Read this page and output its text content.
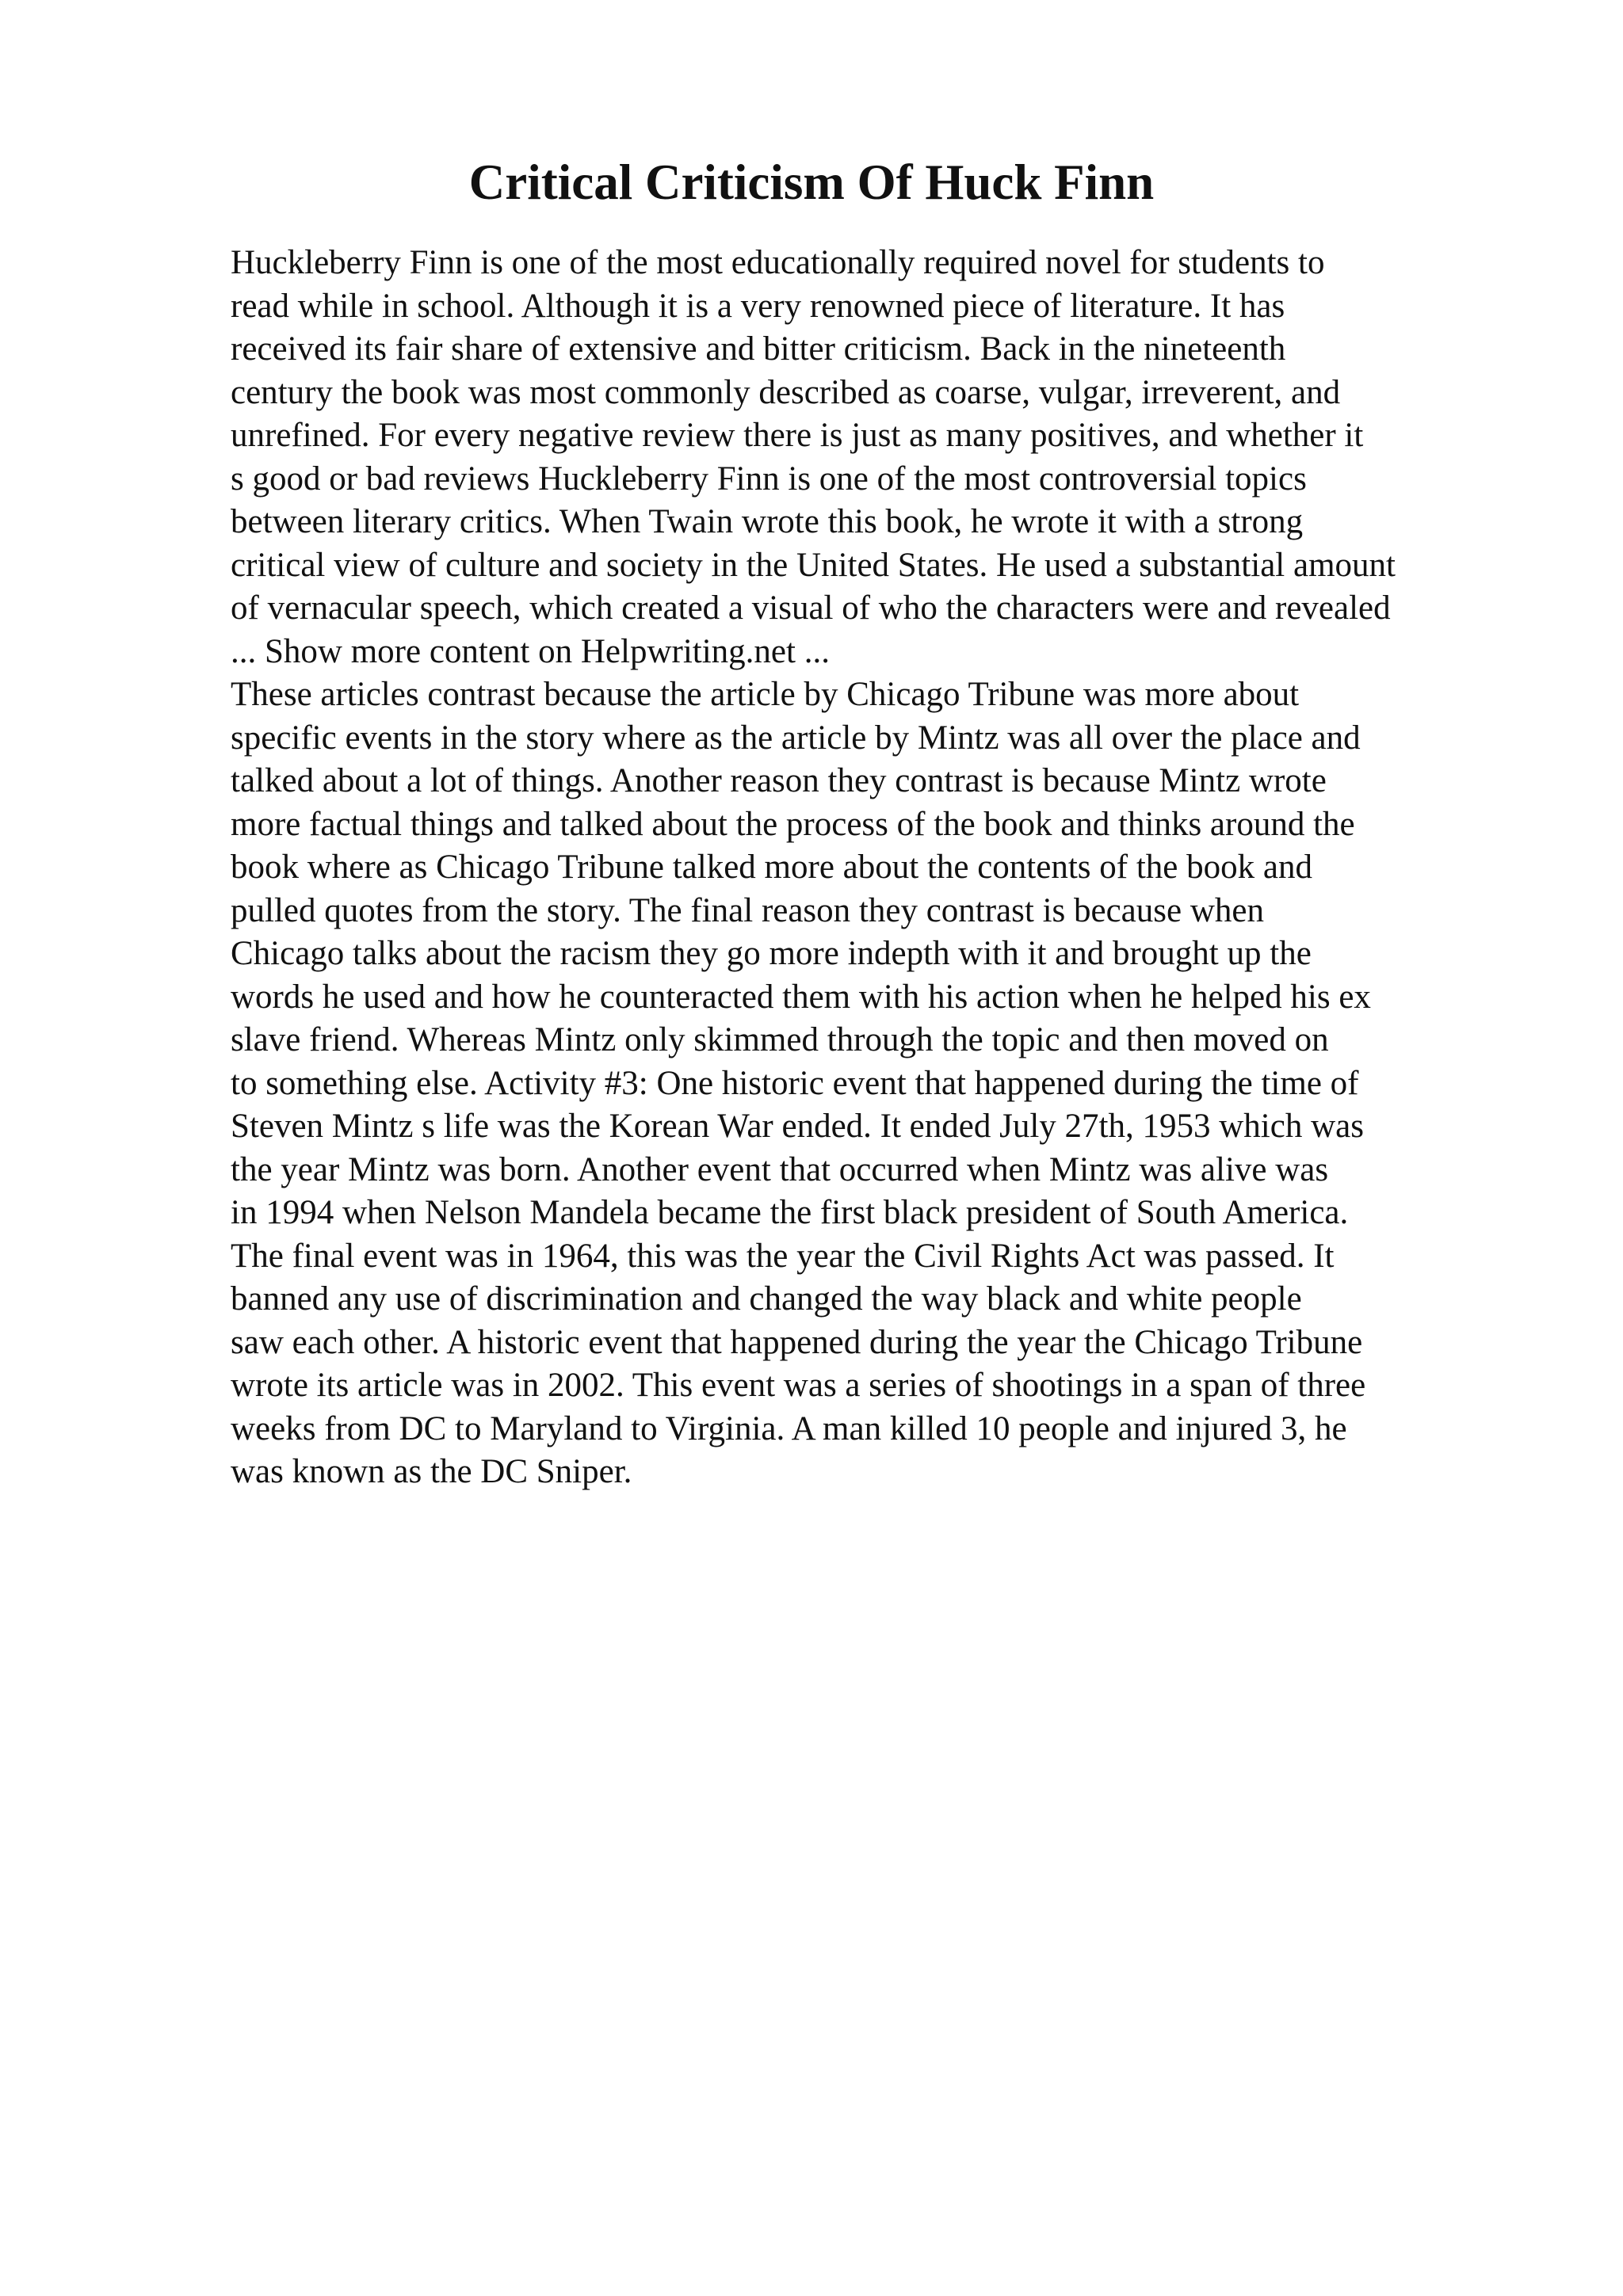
Critical Criticism Of Huck Finn
Huckleberry Finn is one of the most educationally required novel for students to
read while in school. Although it is a very renowned piece of literature. It has
received its fair share of extensive and bitter criticism. Back in the nineteenth
century the book was most commonly described as coarse, vulgar, irreverent, and
unrefined. For every negative review there is just as many positives, and whether it
s good or bad reviews Huckleberry Finn is one of the most controversial topics
between literary critics. When Twain wrote this book, he wrote it with a strong
critical view of culture and society in the United States. He used a substantial amount
of vernacular speech, which created a visual of who the characters were and revealed
... Show more content on Helpwriting.net ...
These articles contrast because the article by Chicago Tribune was more about
specific events in the story where as the article by Mintz was all over the place and
talked about a lot of things. Another reason they contrast is because Mintz wrote
more factual things and talked about the process of the book and thinks around the
book where as Chicago Tribune talked more about the contents of the book and
pulled quotes from the story. The final reason they contrast is because when
Chicago talks about the racism they go more indepth with it and brought up the
words he used and how he counteracted them with his action when he helped his ex
slave friend. Whereas Mintz only skimmed through the topic and then moved on
to something else. Activity #3: One historic event that happened during the time of
Steven Mintz s life was the Korean War ended. It ended July 27th, 1953 which was
the year Mintz was born. Another event that occurred when Mintz was alive was
in 1994 when Nelson Mandela became the first black president of South America.
The final event was in 1964, this was the year the Civil Rights Act was passed. It
banned any use of discrimination and changed the way black and white people
saw each other. A historic event that happened during the year the Chicago Tribune
wrote its article was in 2002. This event was a series of shootings in a span of three
weeks from DC to Maryland to Virginia. A man killed 10 people and injured 3, he
was known as the DC Sniper.
